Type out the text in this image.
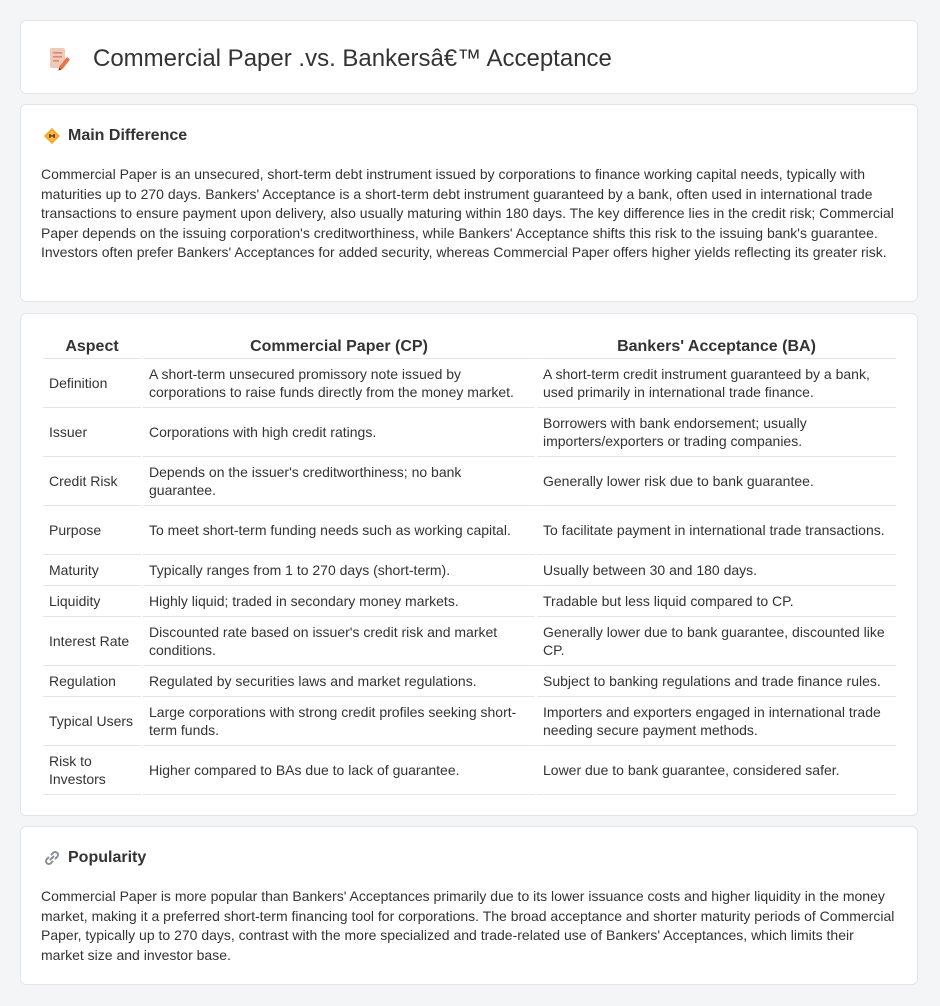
Commercial Paper .vs. Bankersâ€™ Acceptance
Main Difference
Commercial Paper is an unsecured, short-term debt instrument issued by corporations to finance working capital needs, typically with maturities up to 270 days. Bankers' Acceptance is a short-term debt instrument guaranteed by a bank, often used in international trade transactions to ensure payment upon delivery, also usually maturing within 180 days. The key difference lies in the credit risk; Commercial Paper depends on the issuing corporation's creditworthiness, while Bankers' Acceptance shifts this risk to the issuing bank's guarantee. Investors often prefer Bankers' Acceptances for added security, whereas Commercial Paper offers higher yields reflecting its greater risk.
Aspect	Commercial Paper (CP)	Bankers' Acceptance (BA)
Definition	A short-term unsecured promissory note issued by corporations to raise funds directly from the money market.	A short-term credit instrument guaranteed by a bank, used primarily in international trade finance.
Issuer	Corporations with high credit ratings.	Borrowers with bank endorsement; usually importers/exporters or trading companies.
Credit Risk	Depends on the issuer's creditworthiness; no bank guarantee.	Generally lower risk due to bank guarantee.
Purpose	To meet short-term funding needs such as working capital.	To facilitate payment in international trade transactions.
Maturity	Typically ranges from 1 to 270 days (short-term).	Usually between 30 and 180 days.
Liquidity	Highly liquid; traded in secondary money markets.	Tradable but less liquid compared to CP.
Interest Rate	Discounted rate based on issuer's credit risk and market conditions.	Generally lower due to bank guarantee, discounted like CP.
Regulation	Regulated by securities laws and market regulations.	Subject to banking regulations and trade finance rules.
Typical Users	Large corporations with strong credit profiles seeking short-term funds.	Importers and exporters engaged in international trade needing secure payment methods.
Risk to Investors	Higher compared to BAs due to lack of guarantee.	Lower due to bank guarantee, considered safer.
Popularity
Commercial Paper is more popular than Bankers' Acceptances primarily due to its lower issuance costs and higher liquidity in the money market, making it a preferred short-term financing tool for corporations. The broad acceptance and shorter maturity periods of Commercial Paper, typically up to 270 days, contrast with the more specialized and trade-related use of Bankers' Acceptances, which limits their market size and investor base.
